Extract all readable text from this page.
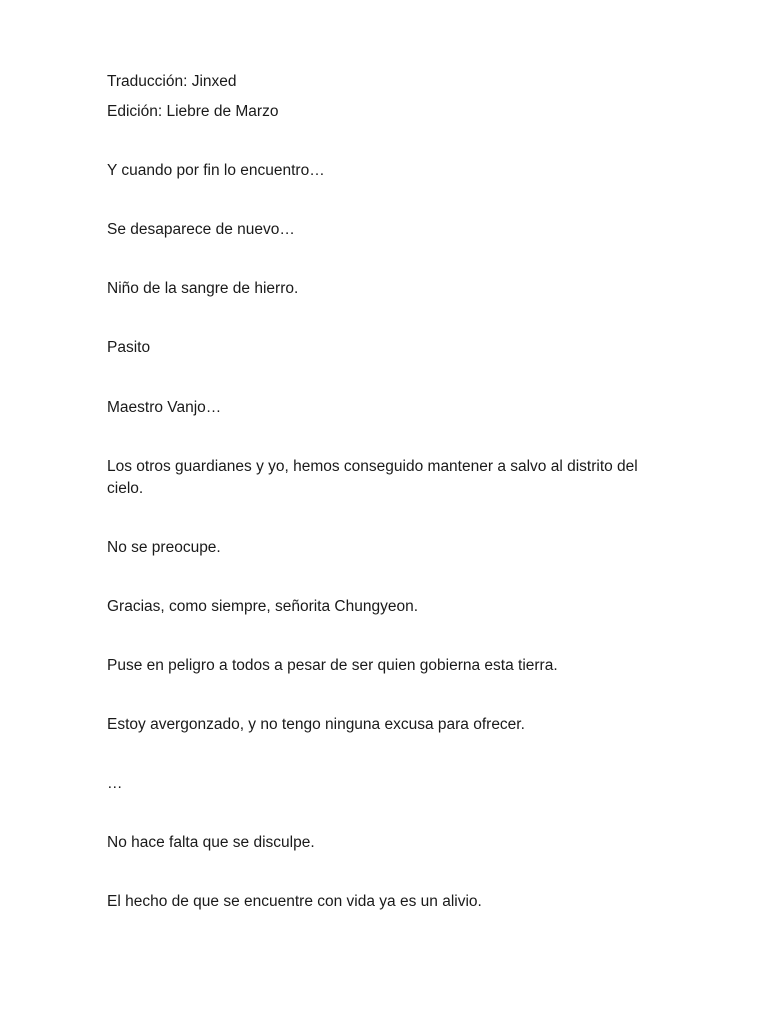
Traducción: Jinxed
Edición: Liebre de Marzo
Y cuando por fin lo encuentro…
Se desaparece de nuevo…
Niño de la sangre de hierro.
Pasito
Maestro Vanjo…
Los otros guardianes y yo, hemos conseguido mantener a salvo al distrito del cielo.
No se preocupe.
Gracias, como siempre, señorita Chungyeon.
Puse en peligro a todos a pesar de ser quien gobierna esta tierra.
Estoy avergonzado, y no tengo ninguna excusa para ofrecer.
…
No hace falta que se disculpe.
El hecho de que se encuentre con vida ya es un alivio.
